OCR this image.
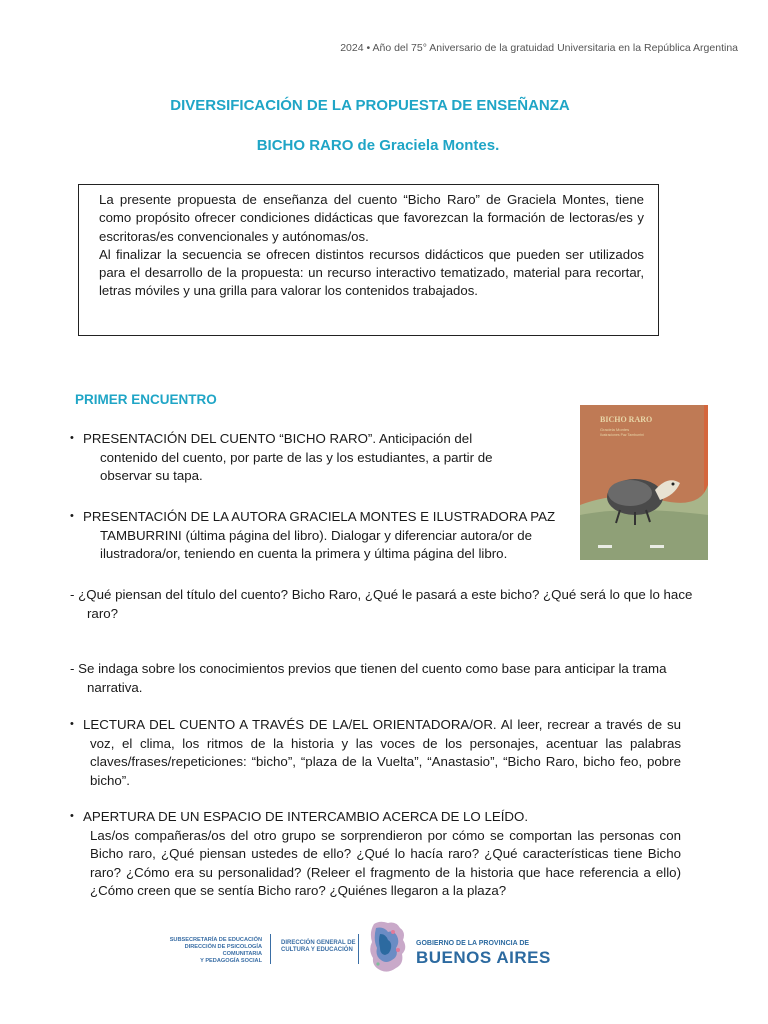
2024 • Año del 75° Aniversario de la gratuidad Universitaria en la República Argentina
DIVERSIFICACIÓN DE LA PROPUESTA DE ENSEÑANZA
BICHO RARO de Graciela Montes.

La presente propuesta de enseñanza del cuento “Bicho Raro” de Graciela Montes, tiene como propósito ofrecer condiciones didácticas que favorezcan la formación de lectoras/es y escritoras/es convencionales y autónomas/os.

Al finalizar la secuencia se ofrecen distintos recursos didácticos que pueden ser utilizados para el desarrollo de la propuesta: un recurso interactivo tematizado, material para recortar, letras móviles y una grilla para valorar los contenidos trabajados.

PRIMER ENCUENTRO
BICHO RARO
Graciela Montes
Ilustraciones Paz Tamburrini
• PRESENTACIÓN DEL CUENTO “BICHO RARO”. Anticipación del contenido del cuento, por parte de las y los estudiantes, a partir de observar su tapa.
• PRESENTACIÓN DE LA AUTORA GRACIELA MONTES E ILUSTRADORA PAZ TAMBURRINI (última página del libro). Dialogar y diferenciar autora/or de ilustradora/or, teniendo en cuenta la primera y última página del libro.
- ¿Qué piensan del título del cuento? Bicho Raro, ¿Qué le pasará a este bicho? ¿Qué será lo que lo hace raro?
- Se indaga sobre los conocimientos previos que tienen del cuento como base para anticipar la trama narrativa.
• LECTURA DEL CUENTO A TRAVÉS DE LA/EL ORIENTADORA/OR. Al leer, recrear a través de su voz, el clima, los ritmos de la historia y las voces de los personajes, acentuar las palabras claves/frases/repeticiones: “bicho”, “plaza de la Vuelta”, “Anastasio”, “Bicho Raro, bicho feo, pobre bicho”.
• APERTURA DE UN ESPACIO DE INTERCAMBIO ACERCA DE LO LEÍDO.
Las/os compañeras/os del otro grupo se sorprendieron por cómo se comportan las personas con Bicho raro, ¿Qué piensan ustedes de ello? ¿Qué lo hacía raro? ¿Qué características tiene Bicho raro? ¿Cómo era su personalidad? (Releer el fragmento de la historia que hace referencia a ello) ¿Cómo creen que se sentía Bicho raro? ¿Quiénes llegaron a la plaza?
SUBSECRETARÍA DE EDUCACIÓN
DIRECCIÓN DE PSICOLOGÍA COMUNITARIA
Y PEDAGOGÍA SOCIAL
DIRECCIÓN GENERAL DE
CULTURA Y EDUCACIÓN
GOBIERNO DE LA PROVINCIA DE
BUENOS AIRES
